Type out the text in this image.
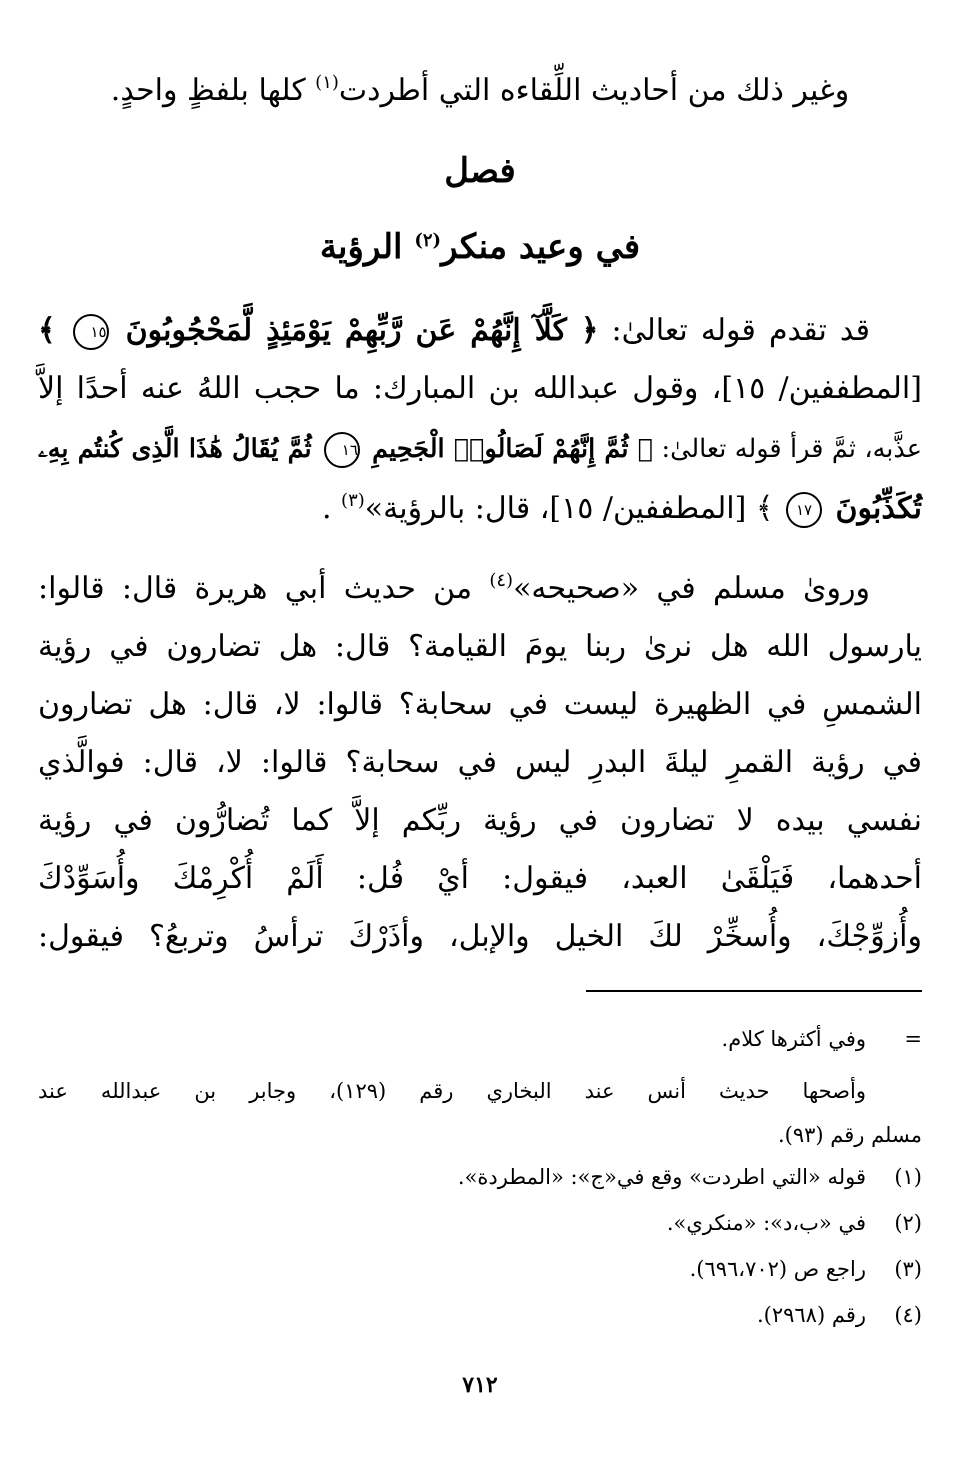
وغير ذلك من أحاديث اللِّقاءه التي أطردت$^{(١)}$ كلها بلفظٍ واحدٍ.
فصل
في وعيد منكر$^{(٢)}$ الرؤية
قد تقدم قوله تعالىٰ: ﴿ كَلَّآ إِنَّهُمْ عَن رَّبِّهِمْ يَوْمَئِذٍ لَّمَحْجُوبُونَ ١٥ ﴾
[المطففين/ ١٥]، وقول عبدالله بن المبارك: ما حجب اللهُ عنه أحدًا إلاَّ
عذَّبه، ثمَّ قرأ قوله تعالىٰ: ﴿ ثُمَّ إِنَّهُمْ لَصَالُوا۟ الْجَحِيمِ ١٦ ثُمَّ يُقَالُ هَٰذَا الَّذِى كُنتُم بِهِۦ
تُكَذِّبُونَ ١٧ ﴾ [المطففين/ ١٥]، قال: بالرؤية»$^{(٣)}$ .
ورویٰ مسلم في «صحيحه»$^{(٤)}$ من حديث أبي هريرة قال: قالوا:
يارسول الله هل نرىٰ ربنا يومَ القيامة؟ قال: هل تضارون في رؤية
الشمسِ في الظهيرة ليست في سحابة؟ قالوا: لا، قال: هل تضارون
في رؤية القمرِ ليلةَ البدرِ ليس في سحابة؟ قالوا: لا، قال: فوالَّذي
نفسي بيده لا تضارون في رؤية ربِّكم إلاَّ كما تُضارُّون في رؤية
أحدهما، فَيَلْقَىٰ العبد، فيقول: أيْ فُل: أَلَمْ أُكْرِمْكَ وأُسَوِّدْكَ
وأُزوِّجْكَ، وأُسخِّرْ لكَ الخيل والإبل، وأذَرْكَ ترأسُ وتربعُ؟ فيقول:
=وفي أكثرها كلام.
وأصحها حديث أنس عند البخاري رقم (١٢٩)، وجابر بن عبدالله عند
مسلم رقم (٩٣).
(١)قوله «التي اطردت» وقع في«ج»: «المطردة».
(٢)في «ب،د»: «منكري».
(٣)راجع ص (٦٩٦،٧٠٢).
(٤)رقم (٢٩٦٨).
٧١٢
